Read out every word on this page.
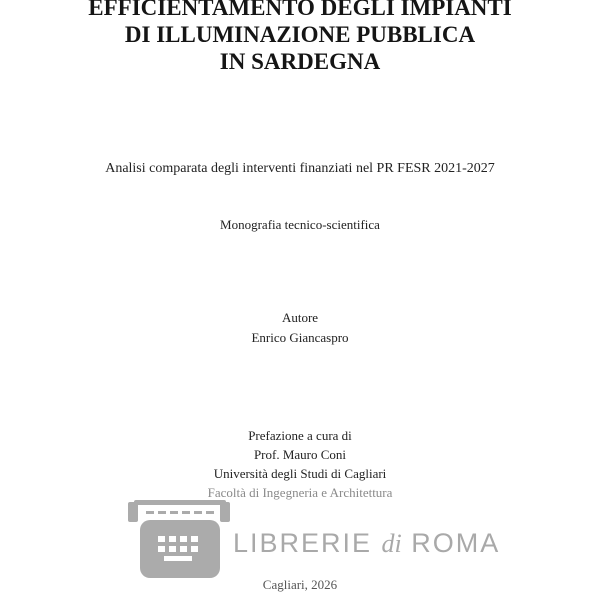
EFFICIENTAMENTO DEGLI IMPIANTI
DI ILLUMINAZIONE PUBBLICA
IN SARDEGNA
Analisi comparata degli interventi finanziati nel PR FESR 2021-2027
Monografia tecnico-scientifica
Autore
Enrico Giancaspro
Prefazione a cura di
Prof. Mauro Coni
Università degli Studi di Cagliari
Facoltà di Ingegneria e Architettura
LIBRERIE di ROMA
Cagliari, 2026
